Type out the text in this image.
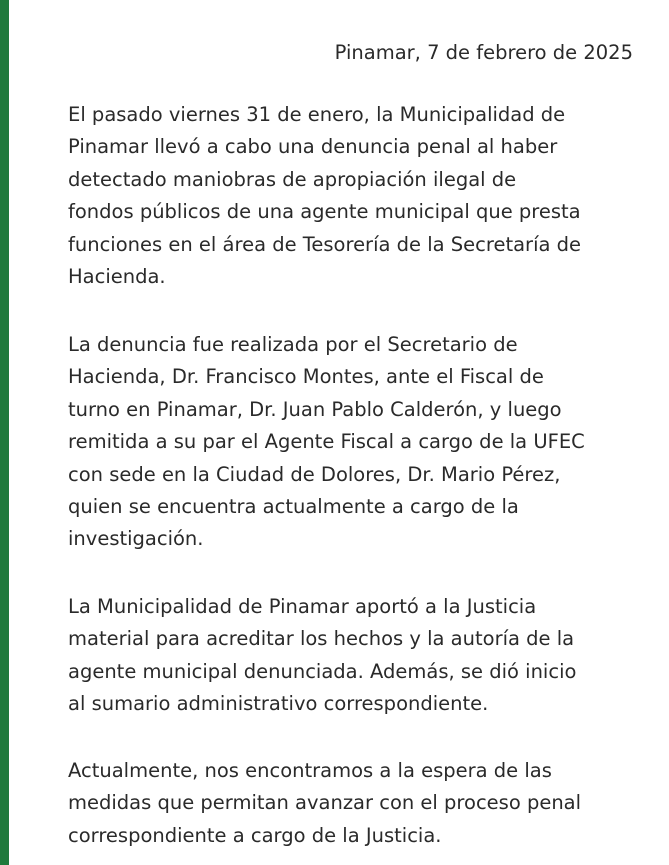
Pinamar, 7 de febrero de 2025

El pasado viernes 31 de enero, la Municipalidad de
Pinamar llevó a cabo una denuncia penal al haber
detectado maniobras de apropiación ilegal de
fondos públicos de una agente municipal que presta
funciones en el área de Tesorería de la Secretaría de
Hacienda.

La denuncia fue realizada por el Secretario de
Hacienda, Dr. Francisco Montes, ante el Fiscal de
turno en Pinamar, Dr. Juan Pablo Calderón, y luego
remitida a su par el Agente Fiscal a cargo de la UFEC
con sede en la Ciudad de Dolores, Dr. Mario Pérez,
quien se encuentra actualmente a cargo de la
investigación.

La Municipalidad de Pinamar aportó a la Justicia
material para acreditar los hechos y la autoría de la
agente municipal denunciada. Además, se dió inicio
al sumario administrativo correspondiente.

Actualmente, nos encontramos a la espera de las
medidas que permitan avanzar con el proceso penal
correspondiente a cargo de la Justicia.
